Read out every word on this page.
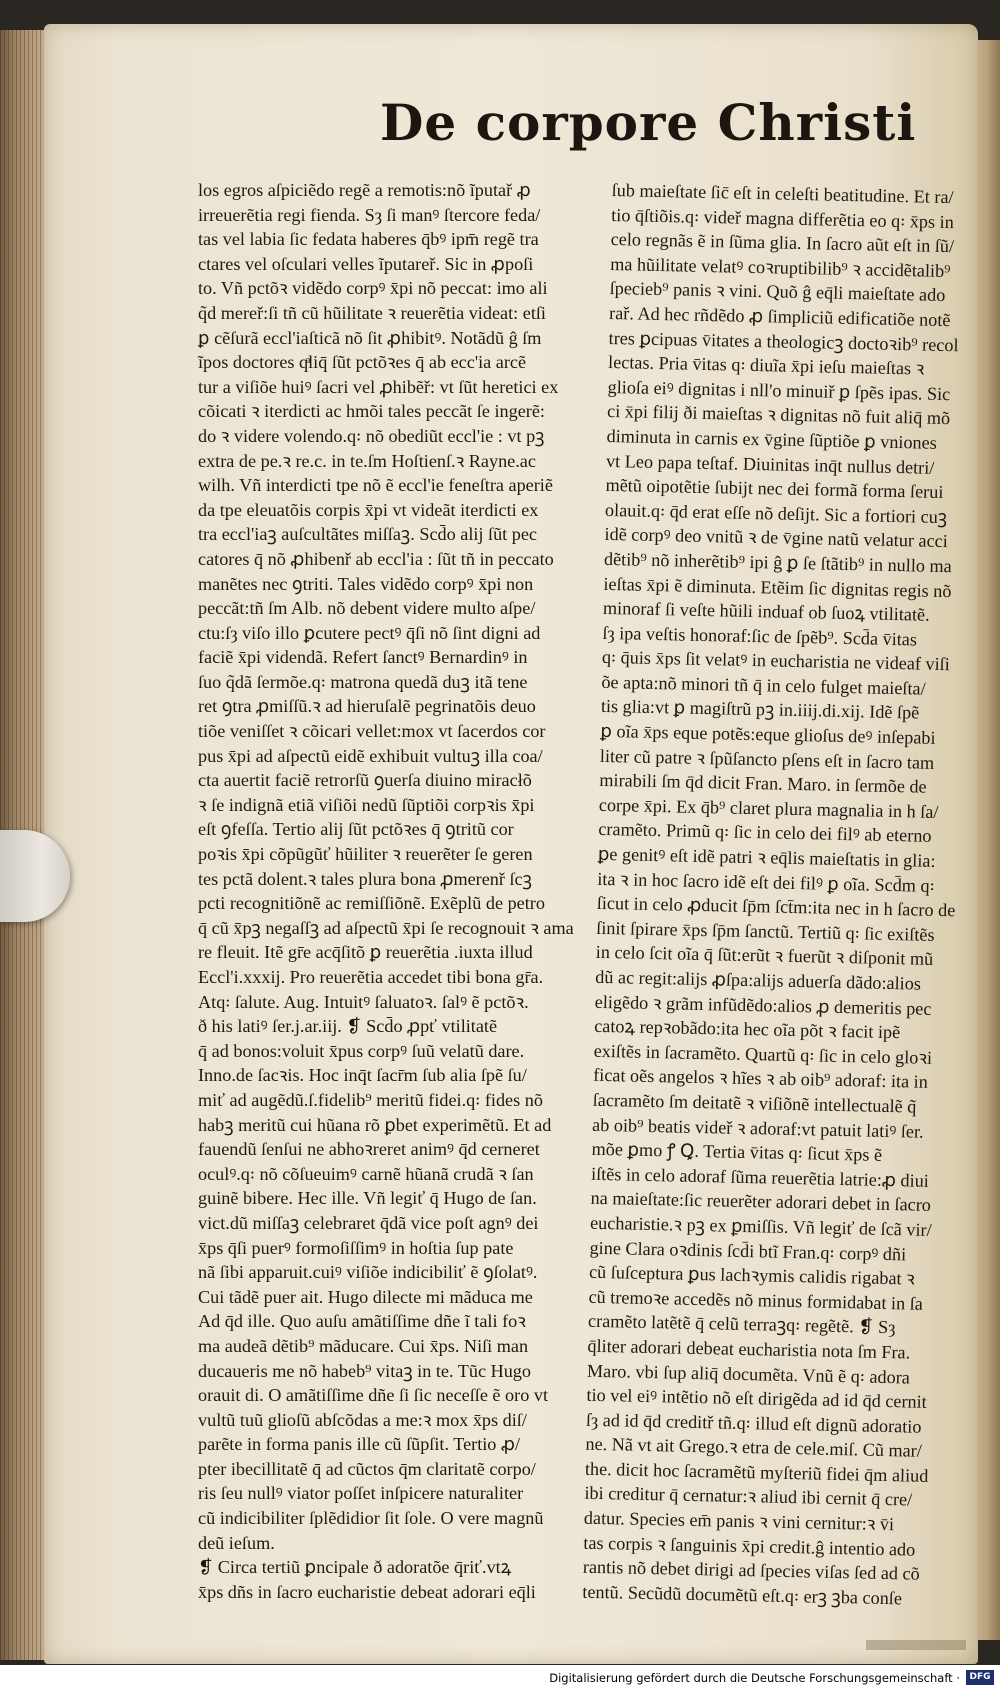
De corpore Christi
los egros aſpiciẽdo regẽ a remotis:nõ ĩputař ꝓ
irreuerẽtia regi fienda. Sȝ ſi manꝰ ſtercore feda/
tas vel labia ſic fedata haberes q̄bꝰ ipm̄ regẽ tra
ctares vel oſculari velles ĩputareř. Sic in ꝓpoſi
to. Vñ pctõꝛ vidẽdo corpꝰ x̄pi nõ peccat: imo ali
q̃d mereř:ſi tñ cũ hũilitate ꝛ reuerẽtia videat: etſi
ꝑ cẽſurã eccl'iaſticã nõ ſit ꝓhibitꝰ. Notãdũ ĝ ſm
ĩpos doctores qͣliq̄ ſũt pctõꝛes q̄ ab ecc'ia arcẽ
tur a viſiõe huiꝰ ſacri vel ꝓhibẽř: vt ſũt heretici ex
cõicati ꝛ iterdicti ac hmõi tales peccãt ſe ingerẽ:
do ꝛ videre volendo.q꞉ nõ obediũt eccl'ie : vt pꝫ
extra de pe.ꝛ re.c. in te.ſm Hoſtienſ.ꝛ Rayne.ac
wilh. Vñ interdicti tpe nõ ẽ eccl'ie feneſtra aperiẽ
da tpe eleuatõis corpis x̄pi vt videãt iterdicti ex
tra eccl'iaꝫ auſcultãtes miſſaꝫ. Scd̄o alij ſũt pec
catores q̄ nõ ꝓhibenř ab eccl'ia : ſũt tñ in peccato
manẽtes nec ꝯtriti. Tales vidẽdo corpꝰ x̄pi non
peccãt:tñ ſm Alb. nõ debent videre multo aſpe/
ctu:ſȝ viſo illo ꝑcutere pectꝰ q̄ſi nõ ſint digni ad
faciẽ x̄pi videndã. Refert ſanctꝰ Bernardinꝰ in
ſuo q̃dã ſermõe.q꞉ matrona quedã duꝫ itã tene
ret ꝯtra ꝓmiſſũ.ꝛ ad hieruſalẽ pegrinatõis deuo
tiõe veniſſet ꝛ cõicari vellet:mox vt ſacerdos cor
pus x̄pi ad aſpectũ eidẽ exhibuit vultuꝫ illa coa/
cta auertit faciẽ retrorſũ ꝯuerſa diuino miracłõ
ꝛ ſe indignã etiã viſiõi nedũ ſũptiõi corpꝛis x̄pi
eſt ꝯfeſſa. Tertio alij ſũt pctõꝛes q̄ ꝯtritũ cor
poꝛis x̄pi cõpũgũť hũiliter ꝛ reuerẽter ſe geren
tes pctã dolent.ꝛ tales plura bona ꝓmerenř ſcꝫ
pcti recognitiõnẽ ac remiſſiõnẽ. Exẽplũ de petro
q̄ cũ x̄pꝫ negaſſꝫ ad aſpectũ x̄pi ſe recognouit ꝛ ama
re fleuit. Itẽ gr̄e acq̄ſitõ ꝑ reuerẽtia .iuxta illud
Eccl'i.xxxij. Pro reuerẽtia accedet tibi bona gr̄a.
Atq꞉ ſalute. Aug. Intuitꝰ ſaluatoꝛ. ſalꝰ ẽ pctõꝛ.
ð his latiꝰ ſer.j.ar.iij. ❡ Scd̄o ꝓpť vtilitatẽ
q̄ ad bonos:voluit x̄pus corpꝰ ſuũ velatũ dare.
Inno.de ſacꝛis. Hoc inq̄t ſacr̄m ſub alia ſpẽ ſu/
miť ad augẽdũ.ſ.fidelib⁹ meritũ fidei.q꞉ fides nõ
habꝫ meritũ cui hũana rõ ꝑbet experimẽtũ. Et ad
fauendũ ſenſui ne abhoꝛreret animꝰ q̄d cerneret
oculꝰ.q꞉ nõ cõſueuimꝰ carnẽ hũanã crudã ꝛ ſan
guinẽ bibere. Hec ille. Vñ legiť q̄ Hugo de ſan.
vict.dũ miſſaꝫ celebraret q̄dã vice poſt agnꝰ dei
x̄ps q̄ſi puerꝰ formoſiſſimꝰ in hoſtia ſup pate
nã ſibi apparuit.cuiꝰ viſiõe indicibiliť ẽ ꝯſolatꝰ.
Cui tãdẽ puer ait. Hugo dilecte mi mãduca me
Ad q̄d ille. Quo auſu amãtiſſime dñe ĩ tali foꝛ
ma audeã dẽtib⁹ mãducare. Cui x̄ps. Niſi man
ducaueris me nõ habeb⁹ vitaꝫ in te. Tũc Hugo
orauit di. O amãtiſſime dñe ſi ſic neceſſe ẽ oro vt
vultũ tuũ glioſũ abſcõdas a me:ꝛ mox x̄ps diſ/
parẽte in forma panis ille cũ ſũpſit. Tertio ꝓ/
pter ibecillitatẽ q̄ ad cũctos q̄m claritatẽ corpo/
ris ſeu nullꝰ viator poſſet inſpicere naturaliter
cũ indicibiliter ſplẽdidior ſit ſole. O vere magnũ
deũ ieſum.
❡ Circa tertiũ ꝑncipale ð adoratõe q̄riť.vtꝝ
x̄ps dñs in ſacro eucharistie debeat adorari eq̄li
ſub maieſtate ſic̄ eſt in celeſti beatitudine. Et ra/
tio q̄ſtiõis.q꞉ videř magna differẽtia eo q꞉ x̄ps in
celo regnãs ẽ in ſũma glia. In ſacro aũt eſt in ſũ/
ma hũilitate velatꝰ coꝛruptibilib⁹ ꝛ accidẽtalib⁹
ſpecieb⁹ panis ꝛ vini. Quõ ĝ eq̄li maieſtate ado
rař. Ad hec rñdẽdo ꝓ ſimpliciũ edificatiõe notẽ
tres ꝑcipuas v̄itates a theologicꝫ doctoꝛib⁹ recol
lectas. Pria v̄itas q꞉ diuĩa x̄pi ieſu maieſtas ꝛ
glioſa eiꝰ dignitas i nll'o minuiř ꝑ ſpẽs ipas. Sic
ci x̄pi filij ði maieſtas ꝛ dignitas nõ fuit aliq̄ mõ
diminuta in carnis ex v̄gine ſũptiõe ꝑ vniones
vt Leo papa teſtaf. Diuinitas inq̄t nullus detri/
mẽtũ oipotẽtie ſubijt nec dei formã forma ſerui
olauit.q꞉ q̄d erat eſſe nõ deſijt. Sic a fortiori cuꝫ
idẽ corpꝰ deo vnitũ ꝛ de v̄gine natũ velatur acci
dẽtib⁹ nõ inherẽtib⁹ ipi ĝ ꝑ ſe ſtãtib⁹ in nullo ma
ieſtas x̄pi ẽ diminuta. Etẽim ſic dignitas regis nõ
minoraf ſi veſte hũili induaf ob ſuoꝝ vtilitatẽ.
ſȝ ipa veſtis honoraf:ſic de ſpẽb⁹. Scd̄a v̄itas
q꞉ q̄uis x̄ps ſit velatꝰ in eucharistia ne videaf viſi
õe apta:nõ minori tñ q̄ in celo fulget maieſta/
tis glia:vt ꝑ magiſtrũ pꝫ in.iiij.di.xij. Idẽ ſpẽ
ꝑ oĩa x̄ps eque potẽs:eque glioſus deꝰ inſepabi
liter cũ patre ꝛ ſpũſancto pſens eſt in ſacro tam
mirabili ſm q̄d dicit Fran. Maro. in ſermõe de
corpe x̄pi. Ex q̄b⁹ claret plura magnalia in h ſa/
cramẽto. Primũ q꞉ ſic in celo dei filꝰ ab eterno
ꝑe genitꝰ eſt idẽ patri ꝛ eq̄lis maieſtatis in glia:
ita ꝛ in hoc ſacro idẽ eſt dei filꝰ ꝑ oĩa. Scd̄m q꞉
ſicut in celo ꝓducit ſp̄m ſct̄m:ita nec in h ſacro de
ſinit ſpirare x̄ps ſp̄m ſanctũ. Tertiũ q꞉ ſic exiſtẽs
in celo ſcit oĩa q̄ ſũt:erũt ꝛ fuerũt ꝛ diſponit mũ
dũ ac regit:alijs ꝓſpa:alijs aduerſa dãdo:alios
eligẽdo ꝛ grãm infũdẽdo:alios ꝓ demeritis pec
catoꝝ repꝛobãdo:ita hec oĩa põt ꝛ facit ipẽ
exiſtẽs in ſacramẽto. Quartũ q꞉ ſic in celo gloꝛi
ficat oẽs angelos ꝛ hĩes ꝛ ab oib⁹ adoraf: ita in
ſacramẽto ſm deitatẽ ꝛ viſiõnẽ intellectualẽ q̃
ab oib⁹ beatis videř ꝛ adoraf:vt patuit latiꝰ ſer.
mõe ꝑmo ꝭ Ꝗ. Tertia v̄itas q꞉ ſicut x̄ps ẽ
iſtẽs in celo adoraf ſũma reuerẽtia latrie:ꝓ diui
na maieſtate:ſic reuerẽter adorari debet in ſacro
eucharistie.ꝛ pꝫ ex ꝑmiſſis. Vñ legiť de ſcã vir/
gine Clara oꝛdinis ſcd̄i btĩ Fran.q꞉ corpꝰ dñi
cũ ſuſceptura ꝑus lachꝛymis calidis rigabat ꝛ
cũ tremoꝛe accedẽs nõ minus formidabat in ſa
cramẽto latẽtẽ q̄ celũ terraꝫq꞉ regẽtẽ. ❡ Sȝ
q̄liter adorari debeat eucharistia nota ſm Fra.
Maro. vbi ſup aliq̄ documẽta. Vnũ ẽ q꞉ adora
tio vel eiꝰ intẽtio nõ eſt dirigẽda ad id q̄d cernit
ſȝ ad id q̄d creditř tñ.q꞉ illud eſt dignũ adoratio
ne. Nã vt ait Grego.ꝛ etra de cele.miſ. Cũ mar/
the. dicit hoc ſacramẽtũ myſteriũ fidei q̄m aliud
ibi creditur q̄ cernatur:ꝛ aliud ibi cernit q̄ cre/
datur. Species em̄ panis ꝛ vini cernitur:ꝛ v̄i
tas corpis ꝛ ſanguinis x̄pi credit.ĝ intentio ado
rantis nõ debet dirigi ad ſpecies viſas ſed ad cõ
tentũ. Secũdũ documẽtũ eſt.q꞉ erꝫ ꝫba conſe
Digitalisierung gefördert durch die Deutsche Forschungsgemeinschaft ·	DFG
